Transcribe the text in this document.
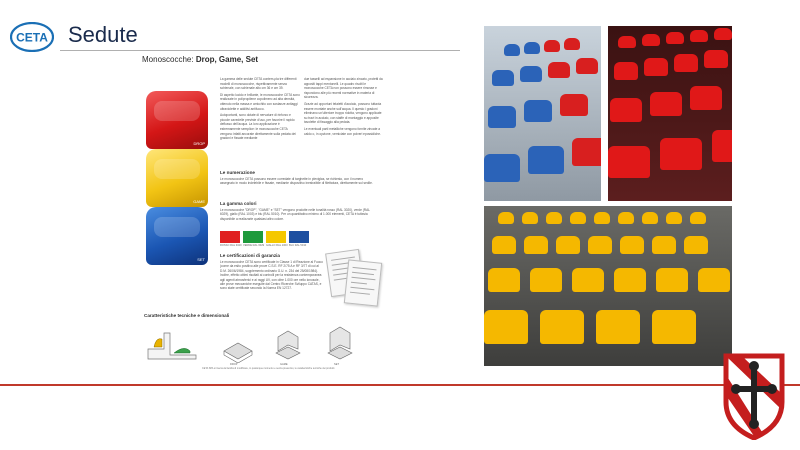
CETA Sedute
Monoscocche: Drop, Game, Set
DROP
GAME
SET

La gamma delle sedute CETA contem-pla tre differenti modelli di monoscocche, rispettivamente senza schienale, con schienale alto cm 36 e cm 39.

Di aspetto lucido e brillante, le monoscocche CETA sono realizzate in polipropilene copolimero ad alta densità, ottenuto nella massa e arricchito con sostanze antiaggi ultraviolette e additivi antifuoco.

Autoportanti, sono dotate di nervature di rinforzo e piccole cavedelle previste d'uso, per favorire il rapido deflusso dell'acqua. La loro applicazione è estremamente semplice: le monoscocche CETA vengono infatti ancorate direttamente sulla pedata dei gradoni e fissate mediante

due tasselli ad espansione in acciaio zincato, protetti da appositi tappi mentonelli. Le quadro risolti le monoscocche CETA non possono essere rimosse e rispondono alle più recenti normative in materia di sicurezza.

Grazie ad opportuni telaietti d'acciaio, possono tuttavia essere montate anche sull'acqua. Il questo i gradoni eliminano un'ulteriore troppo ridotta, vengono applicate su travi in acciaio, con staffe di montaggio e apposite tavolette di fissaggio alla pedata.

Le eventuali parti metalliche vengono fornite zincate a caldo o, in opzione, verniciate con polveri epossidiche.

Le numerazione
Le monoscocche CETA possono essere corredate di targhette in plexiglas, se richiesto, con il numero assegnato in modo indelebile e fissate, mediante dispositivo inestraibile di filettatura, direttamente sul sedile.
La gamma colori
Le monoscocche "DROP", "GAME" e "SET" vengono prodotte nelle tonalità rosso (RAL 3020), verde (RAL 6029), giallo (RAL 1003) e blu (RAL 5010). Per un quantitativo minimo di 1.000 elementi, CETA è tuttavia disponibile a realizzarle qualsiasi altro colore.
ROSSO RAL 3020 VERDE RAL 6029 GIALLO RAL 1003 BLU RAL 5010
Le certificazioni di garanzia
Le monoscocche CETA sono certificate in Classe 1 di Reazione al Fuoco (come da esito positivo alle prove C.S.E. RF 2/75 A e RF 3/77 di cui al D.M. 26/06/1984, supplemento ordinario G.U. n. 234 del 25/08/1984). Inoltre, effetto ottimi risultati ai controlli per la resistenza contemporanea agli agenti atmosferici e ai raggi UV, con oltre 1.000 ore nello ionosole, alle prove meccaniche eseguite dal Centro Ricerche Sviluppo CATAS, e sono state certificate secondo la Norma EN 12727.
Caratteristiche tecniche e dimensionali
DROP	GAME	SET
CETA SPA si riserva la facoltà di modificare, in qualunque momento e senza preavviso, le caratteristiche tecniche dei prodotti.
